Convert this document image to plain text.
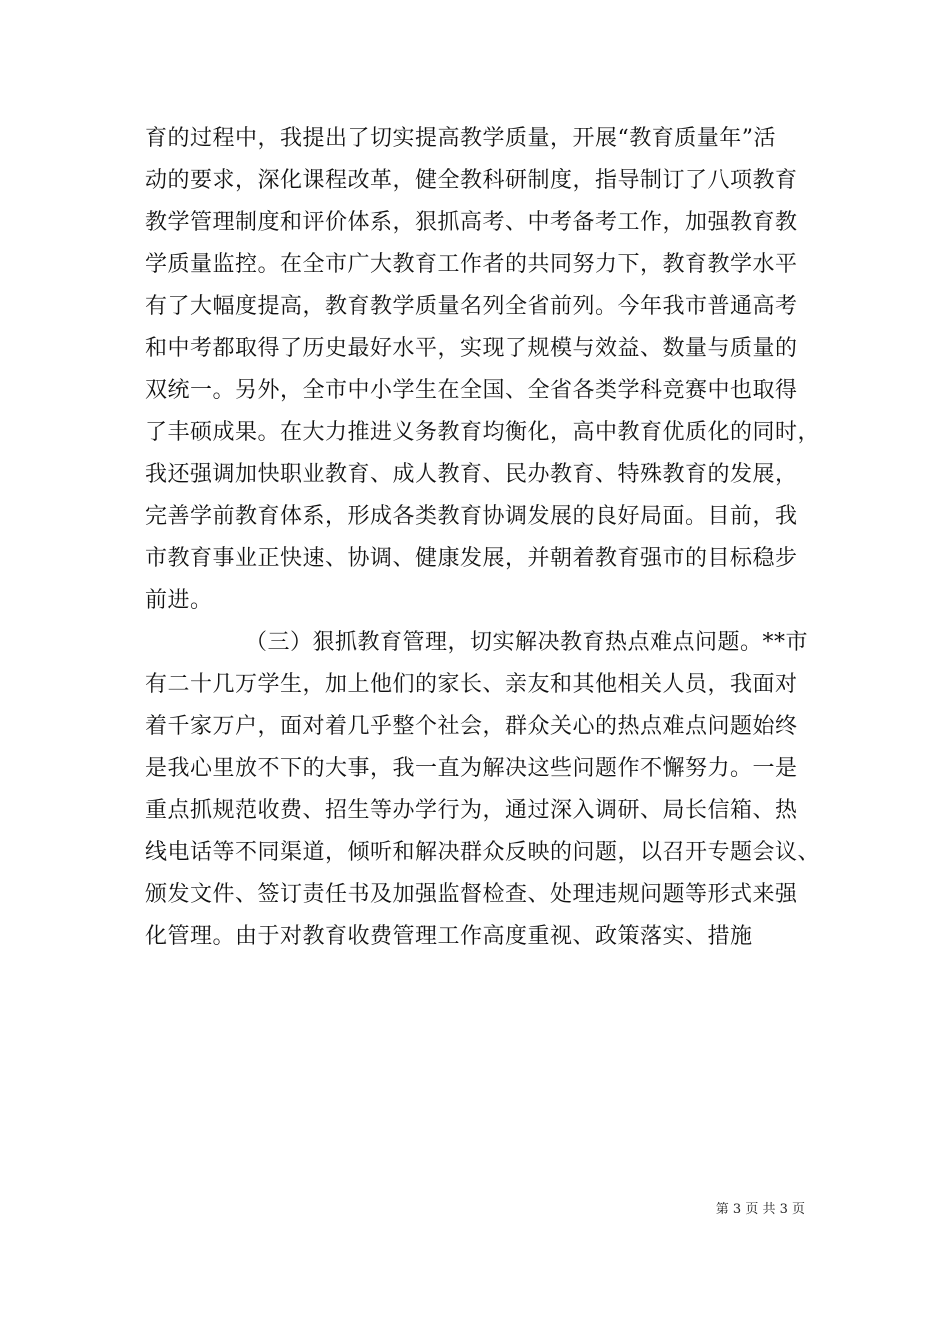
育的过程中，我提出了切实提高教学质量，开展“教育质量年”活
动的要求，深化课程改革，健全教科研制度，指导制订了八项教育
教学管理制度和评价体系，狠抓高考、中考备考工作，加强教育教
学质量监控。在全市广大教育工作者的共同努力下，教育教学水平
有了大幅度提高，教育教学质量名列全省前列。今年我市普通高考
和中考都取得了历史最好水平，实现了规模与效益、数量与质量的
双统一。另外，全市中小学生在全国、全省各类学科竞赛中也取得
了丰硕成果。在大力推进义务教育均衡化，高中教育优质化的同时，
我还强调加快职业教育、成人教育、民办教育、特殊教育的发展，
完善学前教育体系，形成各类教育协调发展的良好局面。目前，我
市教育事业正快速、协调、健康发展，并朝着教育强市的目标稳步
前进。
（三）狠抓教育管理，切实解决教育热点难点问题。**市
有二十几万学生，加上他们的家长、亲友和其他相关人员，我面对
着千家万户，面对着几乎整个社会，群众关心的热点难点问题始终
是我心里放不下的大事，我一直为解决这些问题作不懈努力。一是
重点抓规范收费、招生等办学行为，通过深入调研、局长信箱、热
线电话等不同渠道，倾听和解决群众反映的问题，以召开专题会议、
颁发文件、签订责任书及加强监督检查、处理违规问题等形式来强
化管理。由于对教育收费管理工作高度重视、政策落实、措施
第 3 页 共 3 页
